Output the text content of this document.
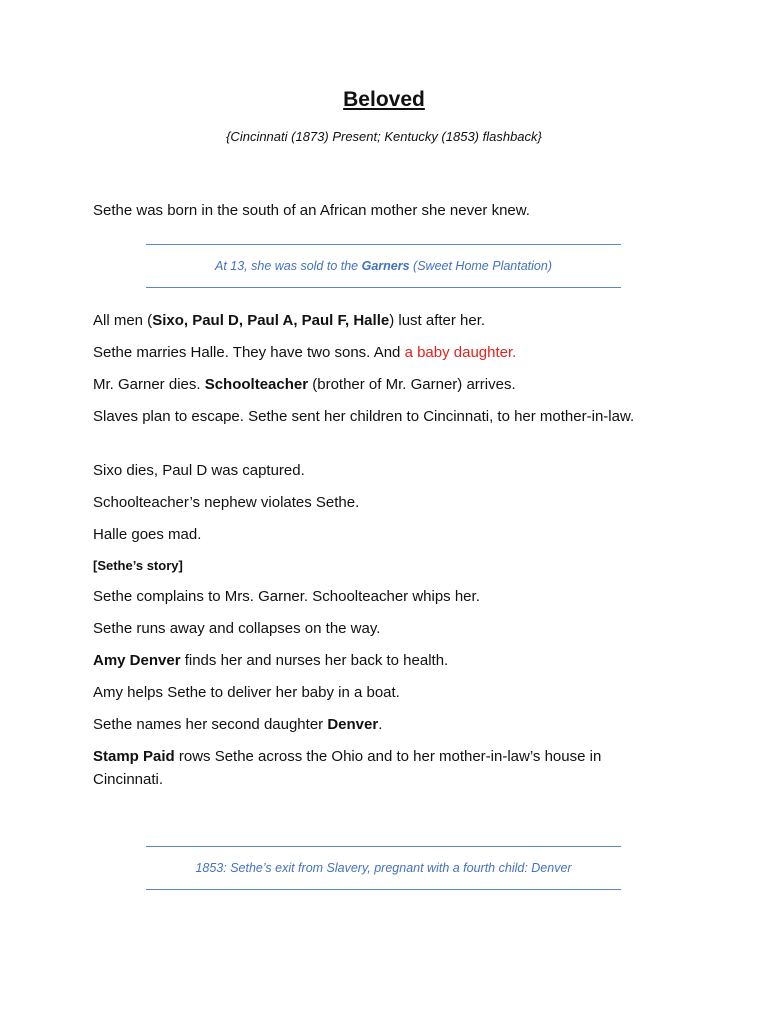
Beloved
{Cincinnati (1873) Present; Kentucky (1853) flashback}

Sethe was born in the south of an African mother she never knew.

At 13, she was sold to the Garners (Sweet Home Plantation)

All men (Sixo, Paul D, Paul A, Paul F, Halle) lust after her.

Sethe marries Halle. They have two sons. And a baby daughter.

Mr. Garner dies. Schoolteacher (brother of Mr. Garner) arrives.

Slaves plan to escape. Sethe sent her children to Cincinnati, to her mother-in-law.

Sixo dies, Paul D was captured.

Schoolteacher’s nephew violates Sethe.

Halle goes mad.

[Sethe’s story]

Sethe complains to Mrs. Garner. Schoolteacher whips her.

Sethe runs away and collapses on the way.

Amy Denver finds her and nurses her back to health.

Amy helps Sethe to deliver her baby in a boat.

Sethe names her second daughter Denver.

Stamp Paid rows Sethe across the Ohio and to her mother-in-law’s house in Cincinnati.

1853: Sethe’s exit from Slavery, pregnant with a fourth child: Denver
